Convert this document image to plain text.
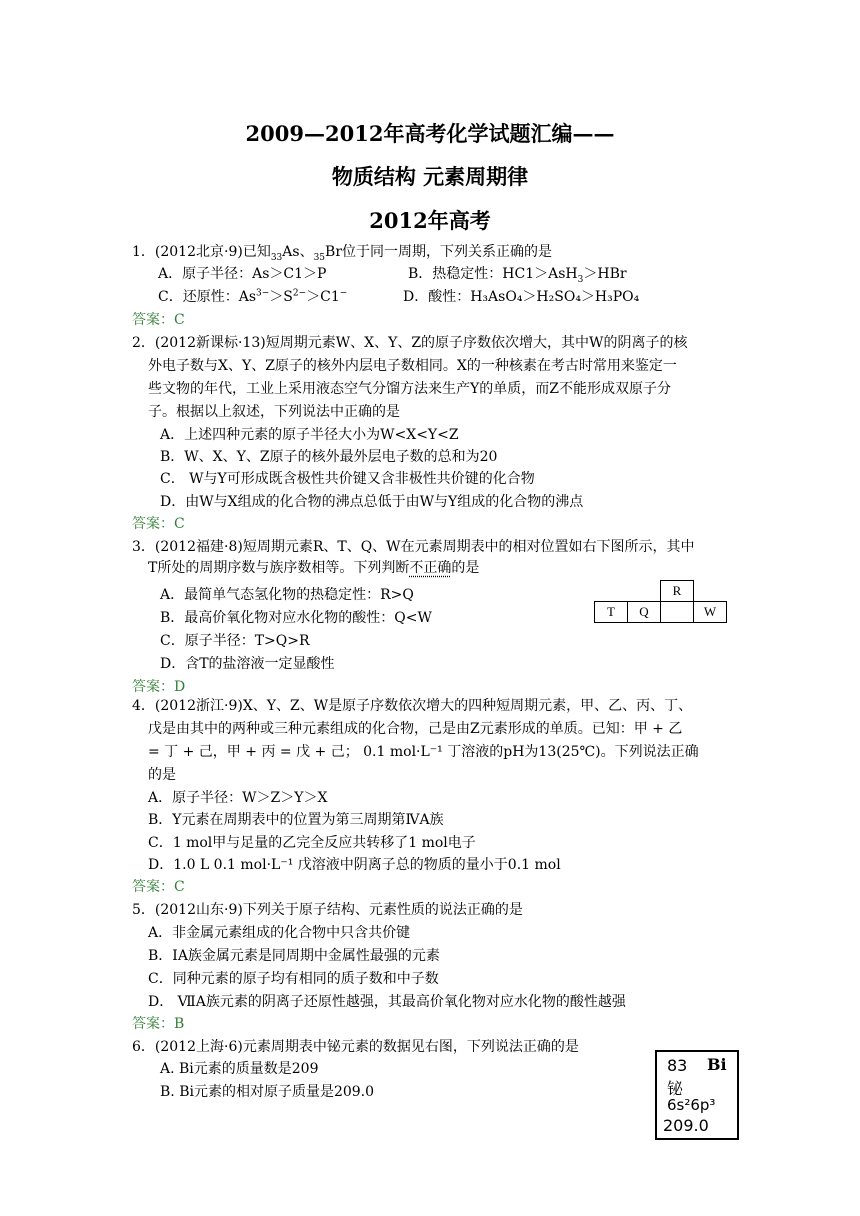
2009—2012年高考化学试题汇编——
物质结构 元素周期律
2012年高考
1．(2012北京·9)已知$_{33}$As、$_{35}$Br位于同一周期，下列关系正确的是
A．原子半径：As＞C1＞P	B．热稳定性：HC1＞AsH$_3$＞HBr
C．还原性：$As^{3-}>S^{2-}>C1^-$	D．酸性：H₃AsO₄＞H₂SO₄＞H₃PO₄
答案：C
2．(2012新课标·13)短周期元素W、X、Y、Z的原子序数依次增大，其中W的阴离子的核
外电子数与X、Y、Z原子的核外内层电子数相同。X的一种核素在考古时常用来鉴定一
些文物的年代，工业上采用液态空气分馏方法来生产Y的单质，而Z不能形成双原子分
子。根据以上叙述，下列说法中正确的是
A．上述四种元素的原子半径大小为W<X<Y<Z
B．W、X、Y、Z原子的核外最外层电子数的总和为20
C． W与Y可形成既含极性共价键又含非极性共价键的化合物
D．由W与X组成的化合物的沸点总低于由W与Y组成的化合物的沸点
答案：C
3．(2012福建·8)短周期元素R、T、Q、W在元素周期表中的相对位置如右下图所示，其中
T所处的周期序数与族序数相等。下列判断不正确的是
A．最简单气态氢化物的热稳定性：R>Q
B．最高价氧化物对应水化物的酸性：Q<W
C．原子半径：T>Q>R
D．含T的盐溶液一定显酸性
答案：D
		R	
T	Q		W
4．(2012浙江·9)X、Y、Z、W是原子序数依次增大的四种短周期元素，甲、乙、丙、丁、
戊是由其中的两种或三种元素组成的化合物，己是由Z元素形成的单质。已知：甲 + 乙
= 丁 + 己，甲 + 丙 = 戊 + 己； 0.1 mol·L⁻¹ 丁溶液的pH为13(25℃)。下列说法正确
的是
A．原子半径：W＞Z＞Y＞X
B．Y元素在周期表中的位置为第三周期第ⅣA族
C．1 mol甲与足量的乙完全反应共转移了1 mol电子
D．1.0 L 0.1 mol·L⁻¹ 戊溶液中阴离子总的物质的量小于0.1 mol
答案：C
5．(2012山东·9)下列关于原子结构、元素性质的说法正确的是
A．非金属元素组成的化合物中只含共价键
B．IA族金属元素是同周期中金属性最强的元素
C．同种元素的原子均有相同的质子数和中子数
D． ⅦA族元素的阴离子还原性越强，其最高价氧化物对应水化物的酸性越强
答案：B
6．(2012上海·6)元素周期表中铋元素的数据见右图，下列说法正确的是
A. Bi元素的质量数是209
B. Bi元素的相对原子质量是209.0
83 Bi
铋
6s²6p³
209.0
